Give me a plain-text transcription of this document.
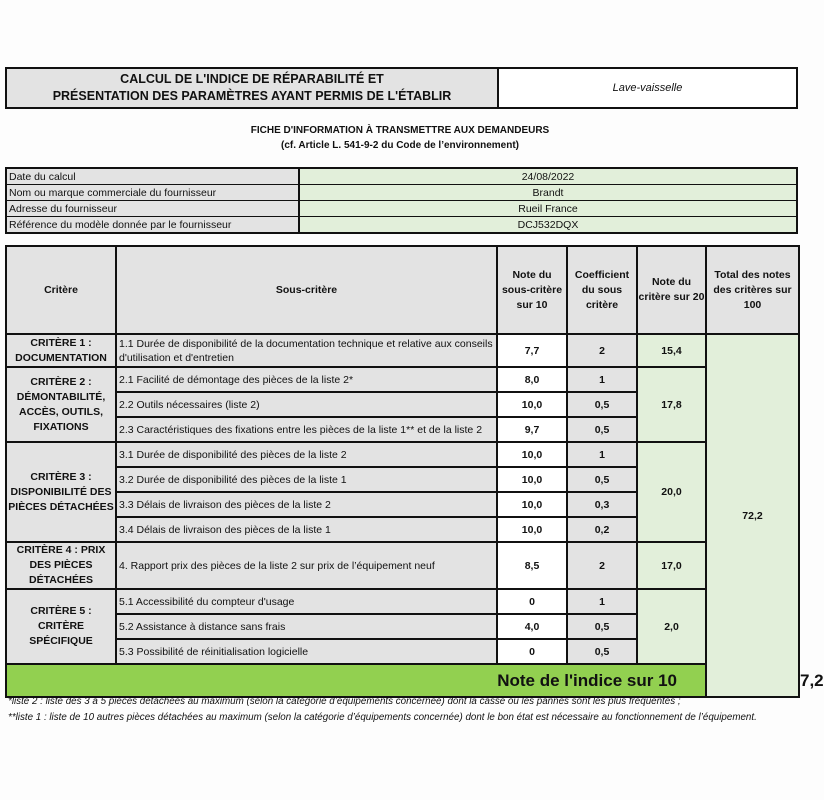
CALCUL DE L'INDICE DE RÉPARABILITÉ ET
PRÉSENTATION DES PARAMÈTRES AYANT PERMIS DE L'ÉTABLIR
Lave-vaisselle
FICHE D'INFORMATION À TRANSMETTRE AUX DEMANDEURS
(cf. Article L. 541-9-2 du Code de l’environnement)
Date du calcul	24/08/2022
Nom ou marque commerciale du fournisseur	Brandt
Adresse du fournisseur	Rueil France
Référence du modèle donnée par le fournisseur	DCJ532DQX
Critère	Sous-critère	Note du sous-critère sur 10	Coefficient du sous critère	Note du critère sur 20	Total des notes des critères sur 100	
CRITÈRE 1 : DOCUMENTATION	1.1 Durée de disponibilité de la documentation technique et relative aux conseils d'utilisation et d'entretien	7,7	2	15,4	72,2	
CRITÈRE 2 : DÉMONTABILITÉ, ACCÈS, OUTILS, FIXATIONS	2.1 Facilité de démontage des pièces de la liste 2*	8,0	1	17,8		
	2.2 Outils nécessaires (liste 2)	10,0	0,5			
	2.3 Caractéristiques des fixations entre les pièces de la liste 1** et de la liste 2	9,7	0,5			
CRITÈRE 3 : DISPONIBILITÉ DES PIÈCES DÉTACHÉES	3.1 Durée de disponibilité des pièces de la liste 2	10,0	1	20,0		
	3.2 Durée de disponibilité des pièces de la liste 1	10,0	0,5			
	3.3 Délais de livraison des pièces de la liste 2	10,0	0,3			
	3.4 Délais de livraison des pièces de la liste 1	10,0	0,2			
CRITÈRE 4 : PRIX DES PIÈCES DÉTACHÉES	4. Rapport prix des pièces de la liste 2 sur prix de l’équipement neuf	8,5	2	17,0		
CRITÈRE 5 : CRITÈRE SPÉCIFIQUE	5.1 Accessibilité du compteur d'usage	0	1	2,0		
	5.2 Assistance à distance sans frais	4,0	0,5			
	5.3 Possibilité de réinitialisation logicielle	0	0,5			
Note de l'indice sur 10						7,2
*liste 2 : liste des 3 à 5 pièces détachées au maximum (selon la catégorie d’équipements concernée) dont la casse ou les pannes sont les plus fréquentes ;
**liste 1 : liste de 10 autres pièces détachées au maximum (selon la catégorie d’équipements concernée) dont le bon état est nécessaire au fonctionnement de l’équipement.
